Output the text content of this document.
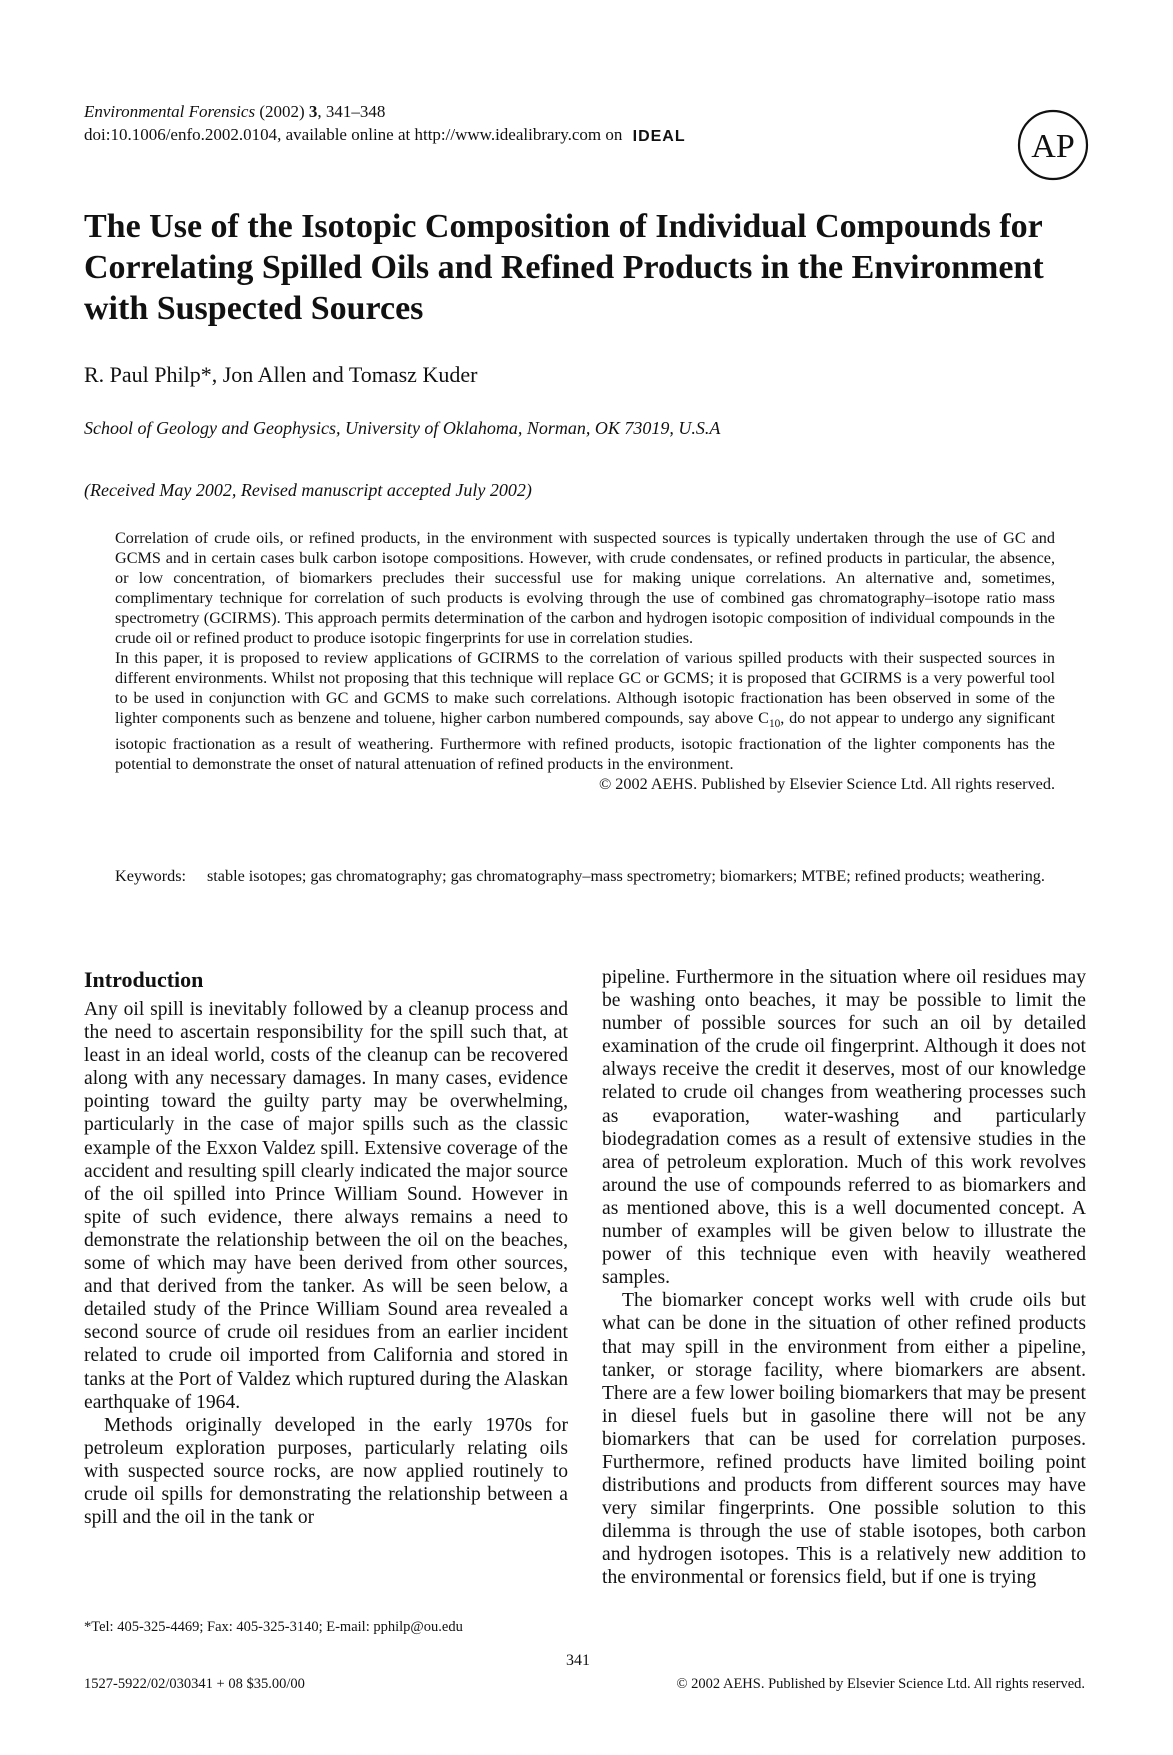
Environmental Forensics (2002) 3, 341–348
doi:10.1006/enfo.2002.0104, available online at http://www.idealibrary.com on IDEAL	AP
The Use of the Isotopic Composition of Individual Compounds for Correlating Spilled Oils and Refined Products in the Environment with Suspected Sources
R. Paul Philp*, Jon Allen and Tomasz Kuder
School of Geology and Geophysics, University of Oklahoma, Norman, OK 73019, U.S.A
(Received May 2002, Revised manuscript accepted July 2002)

Correlation of crude oils, or refined products, in the environment with suspected sources is typically undertaken through the use of GC and GCMS and in certain cases bulk carbon isotope compositions. However, with crude condensates, or refined products in particular, the absence, or low concentration, of biomarkers precludes their successful use for making unique correlations. An alternative and, sometimes, complimentary technique for correlation of such products is evolving through the use of combined gas chromatography–isotope ratio mass spectrometry (GCIRMS). This approach permits determination of the carbon and hydrogen isotopic composition of individual compounds in the crude oil or refined product to produce isotopic fingerprints for use in correlation studies.

In this paper, it is proposed to review applications of GCIRMS to the correlation of various spilled products with their suspected sources in different environments. Whilst not proposing that this technique will replace GC or GCMS; it is proposed that GCIRMS is a very powerful tool to be used in conjunction with GC and GCMS to make such correlations. Although isotopic fractionation has been observed in some of the lighter components such as benzene and toluene, higher carbon numbered compounds, say above $C_{10}$, do not appear to undergo any significant isotopic fractionation as a result of weathering. Furthermore with refined products, isotopic fractionation of the lighter components has the potential to demonstrate the onset of natural attenuation of refined products in the environment.

© 2002 AEHS. Published by Elsevier Science Ltd. All rights reserved.

Keywords: stable isotopes; gas chromatography; gas chromatography–mass spectrometry; biomarkers; MTBE; refined products; weathering.
Introduction

Any oil spill is inevitably followed by a cleanup process and the need to ascertain responsibility for the spill such that, at least in an ideal world, costs of the cleanup can be recovered along with any necessary damages. In many cases, evidence pointing toward the guilty party may be overwhelming, particularly in the case of major spills such as the classic example of the Exxon Valdez spill. Extensive coverage of the accident and resulting spill clearly indicated the major source of the oil spilled into Prince William Sound. However in spite of such evidence, there always remains a need to demonstrate the relationship between the oil on the beaches, some of which may have been derived from other sources, and that derived from the tanker. As will be seen below, a detailed study of the Prince William Sound area revealed a second source of crude oil residues from an earlier incident related to crude oil imported from California and stored in tanks at the Port of Valdez which ruptured during the Alaskan earthquake of 1964.

Methods originally developed in the early 1970s for petroleum exploration purposes, particularly relating oils with suspected source rocks, are now applied routinely to crude oil spills for demonstrating the relationship between a spill and the oil in the tank or

pipeline. Furthermore in the situation where oil residues may be washing onto beaches, it may be possible to limit the number of possible sources for such an oil by detailed examination of the crude oil fingerprint. Although it does not always receive the credit it deserves, most of our knowledge related to crude oil changes from weathering processes such as evaporation, water-washing and particularly biodegradation comes as a result of extensive studies in the area of petroleum exploration. Much of this work revolves around the use of compounds referred to as biomarkers and as mentioned above, this is a well documented concept. A number of examples will be given below to illustrate the power of this technique even with heavily weathered samples.

The biomarker concept works well with crude oils but what can be done in the situation of other refined products that may spill in the environment from either a pipeline, tanker, or storage facility, where biomarkers are absent. There are a few lower boiling biomarkers that may be present in diesel fuels but in gasoline there will not be any biomarkers that can be used for correlation purposes. Furthermore, refined products have limited boiling point distributions and products from different sources may have very similar fingerprints. One possible solution to this dilemma is through the use of stable isotopes, both carbon and hydrogen isotopes. This is a relatively new addition to the environmental or forensics field, but if one is trying

*Tel: 405-325-4469; Fax: 405-325-3140; E-mail: pphilp@ou.edu
341
1527-5922/02/030341 + 08 $35.00/00	© 2002 AEHS. Published by Elsevier Science Ltd. All rights reserved.
